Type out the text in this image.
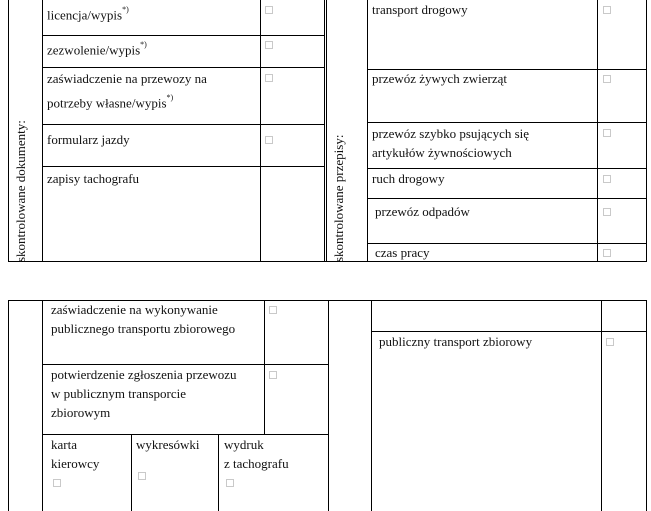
skontrolowane dokumenty:
licencja/wypis*)
zezwolenie/wypis*)
zaświadczenie na przewozy na
potrzeby własne/wypis*)
formularz jazdy
zapisy tachografu	skontrolowane przepisy:
transport drogowy
przewóz żywych zwierząt
przewóz szybko psujących się
artykułów żywnościowych
ruch drogowy
przewóz odpadów
czas pracy
zaświadczenie na wykonywanie
publicznego transportu zbiorowego
potwierdzenie zgłoszenia przewozu
w publicznym transporcie
zbiorowym
karta
kierowcy
wykresówki wydruk
z tachografu
publiczny transport zbiorowy
